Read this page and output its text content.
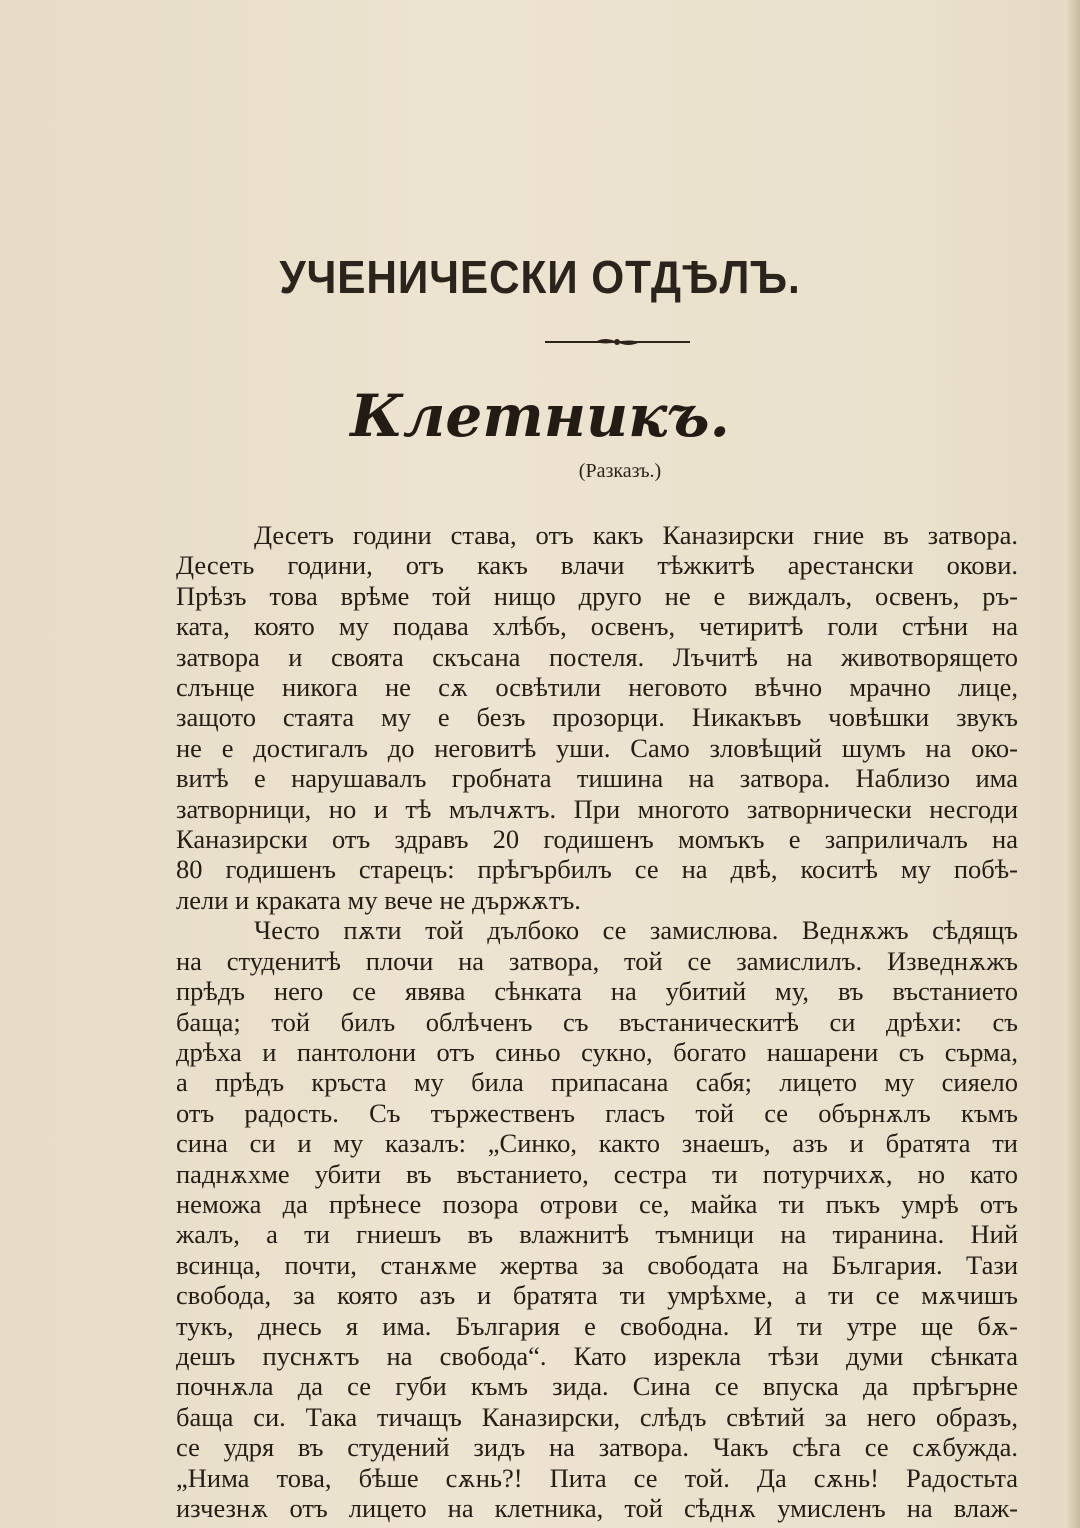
УЧЕНИЧЕСКИ ОТДѢЛЪ.
Клетникъ.
(Разказъ.)
Десетъ години става, отъ какъ Каназирски гние въ затвора.
Десеть години, отъ какъ влачи тѣжкитѣ арестански окови.
Прѣзъ това врѣме той нищо друго не е виждалъ, освенъ, ръ-
ката, която му подава хлѣбъ, освенъ, четиритѣ голи стѣни на
затвора и своята скъсана постеля. Лъчитѣ на животворящето
слънце никога не сѫ освѣтили неговото вѣчно мрачно лице,
защото стаята му е безъ прозорци. Никакъвъ човѣшки звукъ
не е достигалъ до неговитѣ уши. Само зловѣщий шумъ на око-
витѣ е нарушавалъ гробната тишина на затвора. Наблизо има
затворници, но и тѣ мълчѫтъ. При многото затворнически несгоди
Каназирски отъ здравъ 20 годишенъ момъкъ е заприличалъ на
80 годишенъ старецъ: прѣгърбилъ се на двѣ, коситѣ му побѣ-
лели и краката му вече не държѫтъ.
Често пѫти той дълбоко се замислюва. Веднѫжъ сѣдящъ
на студенитѣ плочи на затвора, той се замислилъ. Изведнѫжъ
прѣдъ него се явява сѣнката на убитий му, въ въстанието
баща; той билъ облѣченъ съ въстаническитѣ си дрѣхи: съ
дрѣха и пантолони отъ синьо сукно, богато нашарени съ сърма,
а прѣдъ кръста му била припасана сабя; лицето му сияело
отъ радость. Съ тържественъ гласъ той се обърнѫлъ къмъ
сина си и му казалъ: „Синко, както знаешъ, азъ и братята ти
паднѫхме убити въ въстанието, сестра ти потурчихѫ, но като
неможа да прѣнесе позора отрови се, майка ти пъкъ умрѣ отъ
жалъ, а ти гниешъ въ влажнитѣ тъмници на тиранина. Ний
всинца, почти, станѫме жертва за свободата на България. Тази
свобода, за която азъ и братята ти умрѣхме, а ти се мѫчишъ
тукъ, днесь я има. България е свободна. И ти утре ще бѫ-
дешъ пуснѫтъ на свобода“. Като изрекла тѣзи думи сѣнката
почнѫла да се губи къмъ зида. Сина се впуска да прѣгърне
баща си. Така тичащъ Каназирски, слѣдъ свѣтий за него образъ,
се удря въ студений зидъ на затвора. Чакъ сѣга се сѫбужда.
„Нима това, бѣше сѫнь?! Пита се той. Да сѫнь! Радостьта
изчезнѫ отъ лицето на клетника, той сѣднѫ умисленъ на влаж-
